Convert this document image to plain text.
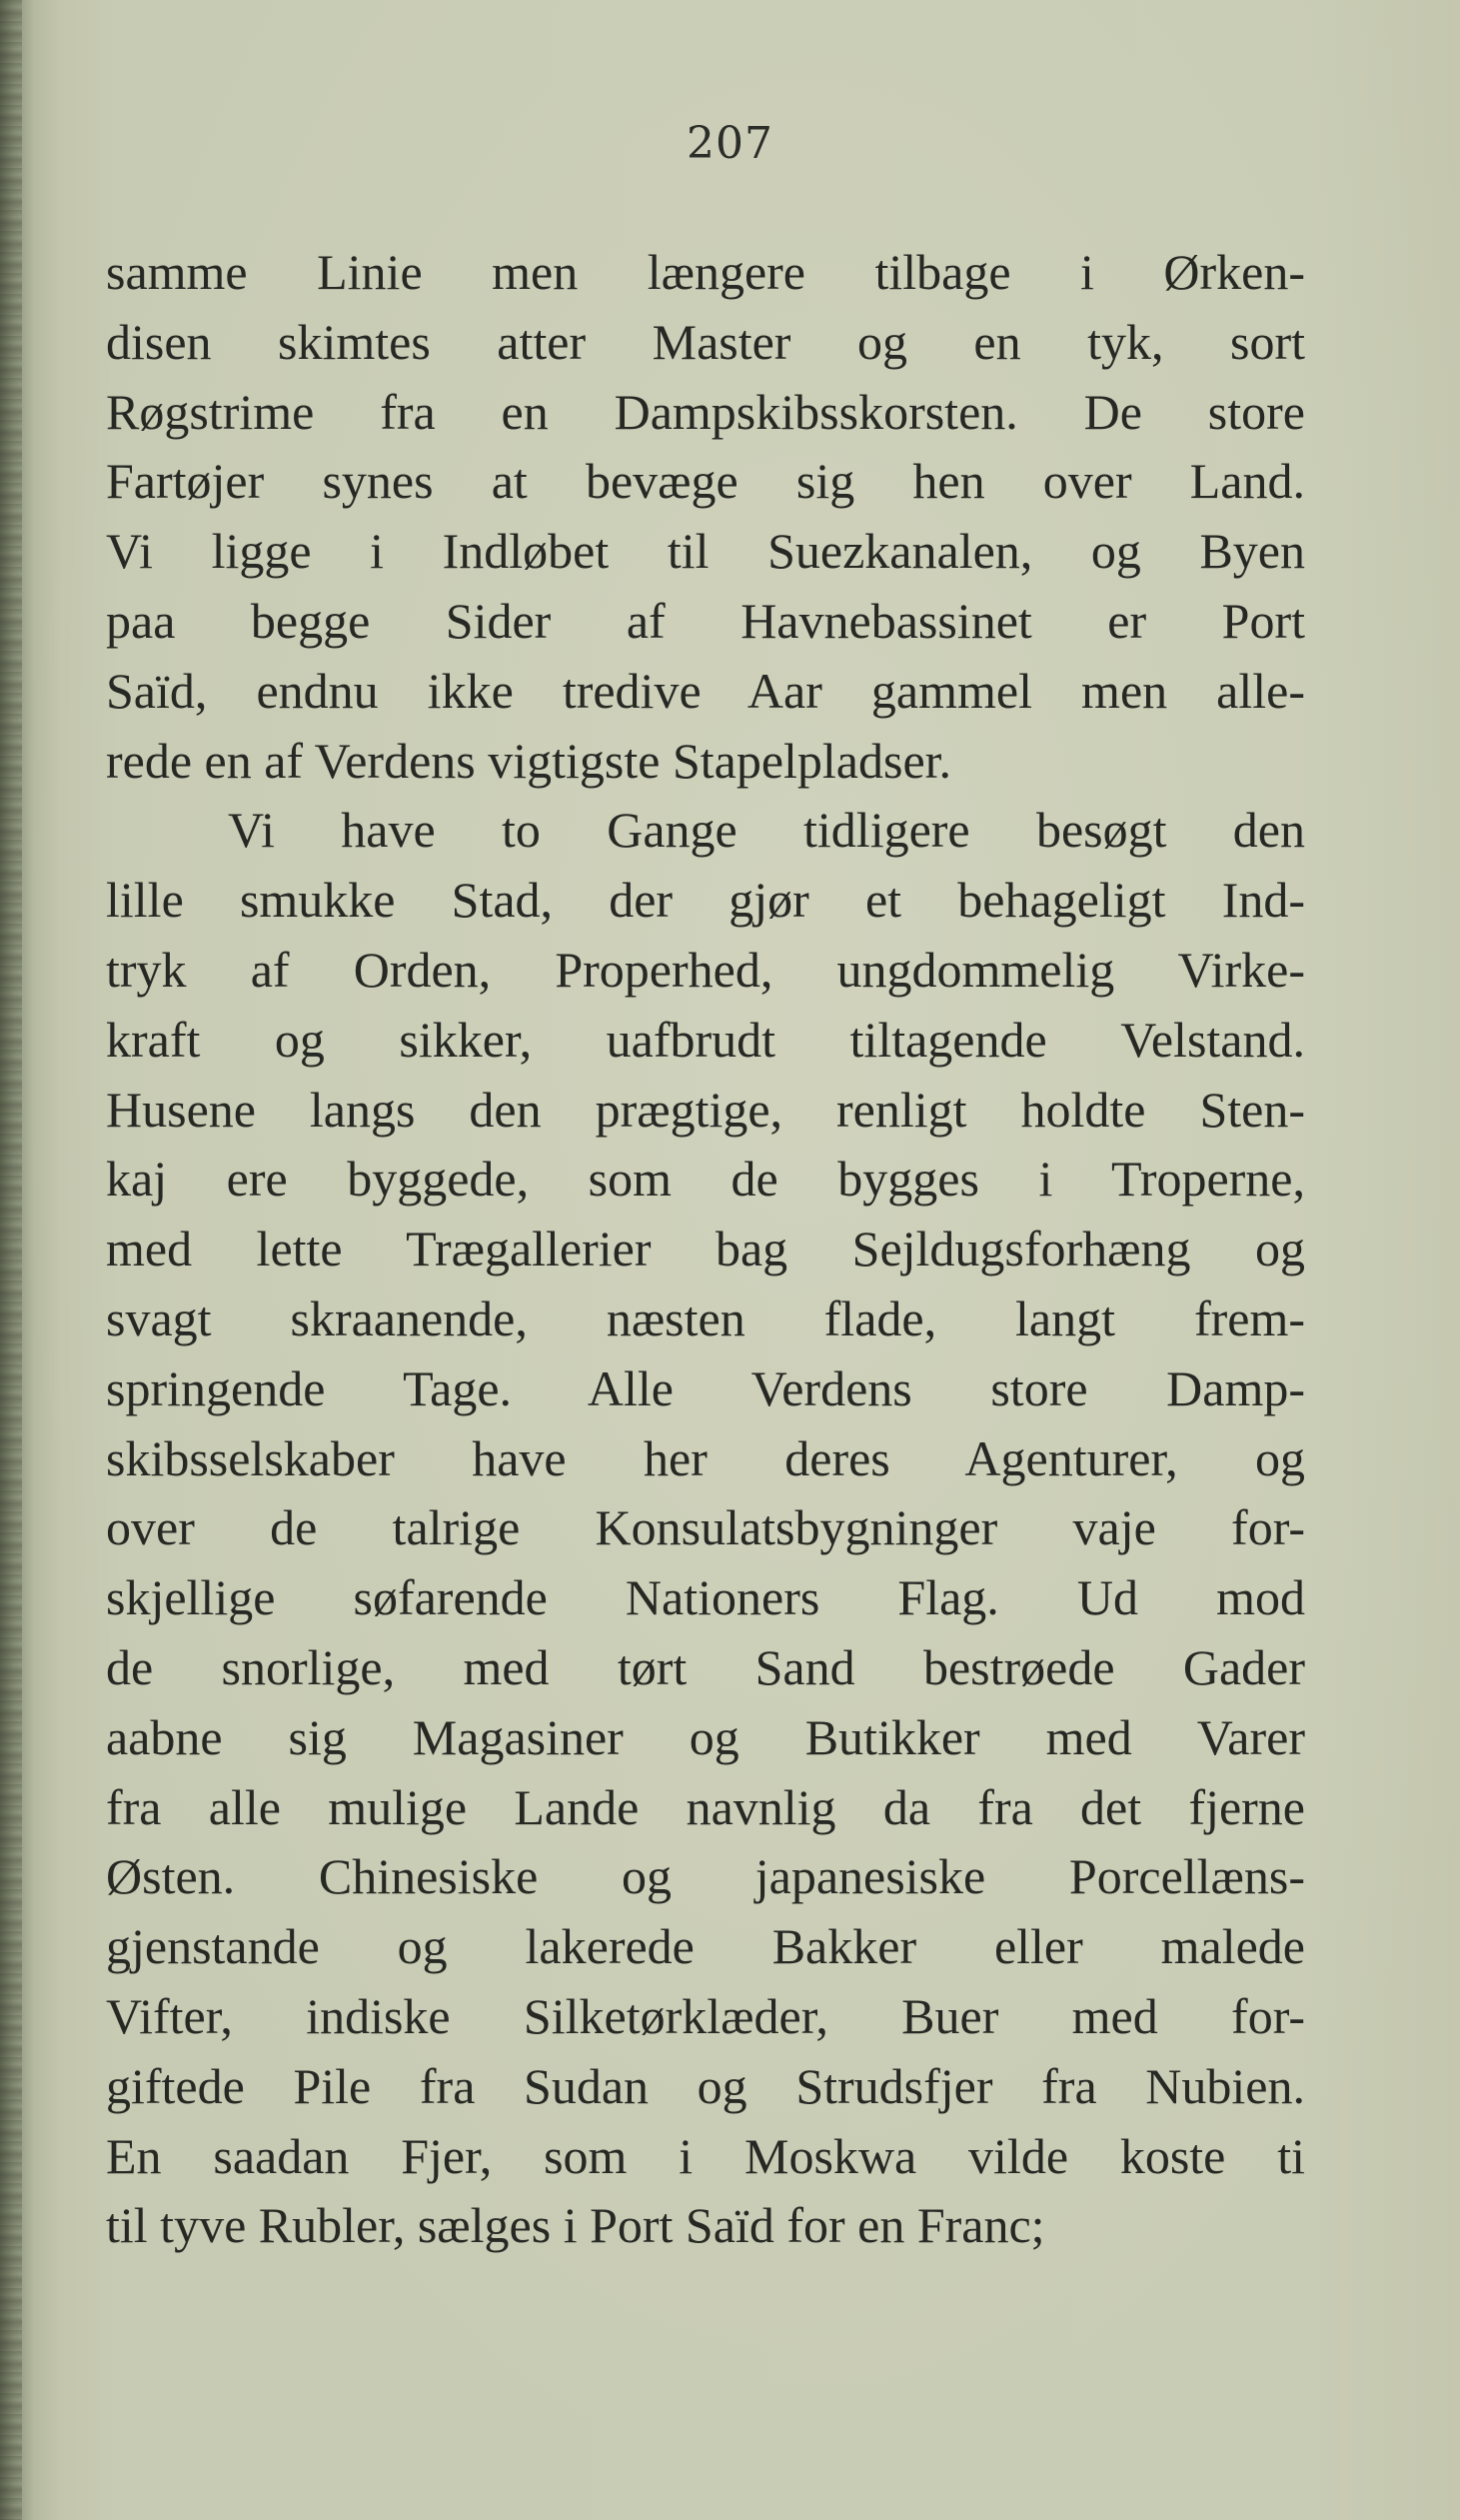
207
samme Linie men længere tilbage i Ørken-
disen skimtes atter Master og en tyk, sort
Røgstrime fra en Dampskibsskorsten. De store
Fartøjer synes at bevæge sig hen over Land.
Vi ligge i Indløbet til Suezkanalen, og Byen
paa begge Sider af Havnebassinet er Port
Saïd, endnu ikke tredive Aar gammel men alle-
rede en af Verdens vigtigste Stapelpladser.
Vi have to Gange tidligere besøgt den
lille smukke Stad, der gjør et behageligt Ind-
tryk af Orden, Properhed, ungdommelig Virke-
kraft og sikker, uafbrudt tiltagende Velstand.
Husene langs den prægtige, renligt holdte Sten-
kaj ere byggede, som de bygges i Troperne,
med lette Trægallerier bag Sejldugsforhæng og
svagt skraanende, næsten flade, langt frem-
springende Tage. Alle Verdens store Damp-
skibsselskaber have her deres Agenturer, og
over de talrige Konsulatsbygninger vaje for-
skjellige søfarende Nationers Flag. Ud mod
de snorlige, med tørt Sand bestrøede Gader
aabne sig Magasiner og Butikker med Varer
fra alle mulige Lande navnlig da fra det fjerne
Østen. Chinesiske og japanesiske Porcellæns-
gjenstande og lakerede Bakker eller malede
Vifter, indiske Silketørklæder, Buer med for-
giftede Pile fra Sudan og Strudsfjer fra Nubien.
En saadan Fjer, som i Moskwa vilde koste ti
til tyve Rubler, sælges i Port Saïd for en Franc;
